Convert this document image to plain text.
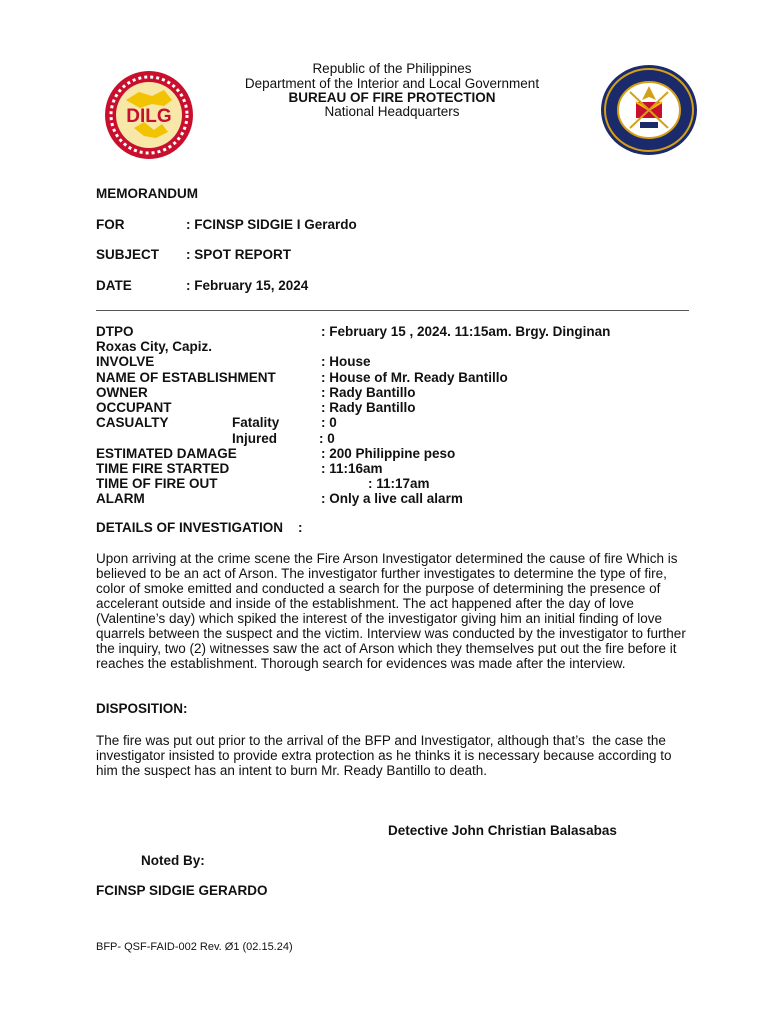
DILG
Republic of the Philippines
Department of the Interior and Local Government
BUREAU OF FIRE PROTECTION
National Headquarters
MEMORANDUM
FOR	: FCINSP SIDGIE I Gerardo
SUBJECT : SPOT REPORT
DATE	: February 15, 2024
DTPO	: February 15 , 2024. 11:15am. Brgy. Dinginan
Roxas City, Capiz.
INVOLVE	: House
NAME OF ESTABLISHMENT	: House of Mr. Ready Bantillo
OWNER	: Rady Bantillo
OCCUPANT	: Rady Bantillo
CASUALTY	Fatality	: 0
Injured	: 0
ESTIMATED DAMAGE	: 200 Philippine peso
TIME FIRE STARTED	: 11:16am
TIME OF FIRE OUT	: 11:17am
ALARM	: Only a live call alarm
DETAILS OF INVESTIGATION    :

Upon arriving at the crime scene the Fire Arson Investigator determined the cause of fire Which is believed to be an act of Arson. The investigator further investigates to determine the type of fire, color of smoke emitted and conducted a search for the purpose of determining the presence of accelerant outside and inside of the establishment. The act happened after the day of love (Valentine’s day) which spiked the interest of the investigator giving him an initial finding of love quarrels between the suspect and the victim. Interview was conducted by the investigator to further the inquiry, two (2) witnesses saw the act of Arson which they themselves put out the fire before it reaches the establishment. Thorough search for evidences was made after the interview.

DISPOSITION:

The fire was put out prior to the arrival of the BFP and Investigator, although that’s  the case the investigator insisted to provide extra protection as he thinks it is necessary because according to him the suspect has an intent to burn Mr. Ready Bantillo to death.

Detective John Christian Balasabas
Noted By:
FCINSP SIDGIE GERARDO
BFP- QSF-FAID-002 Rev. Ø1 (02.15.24)
